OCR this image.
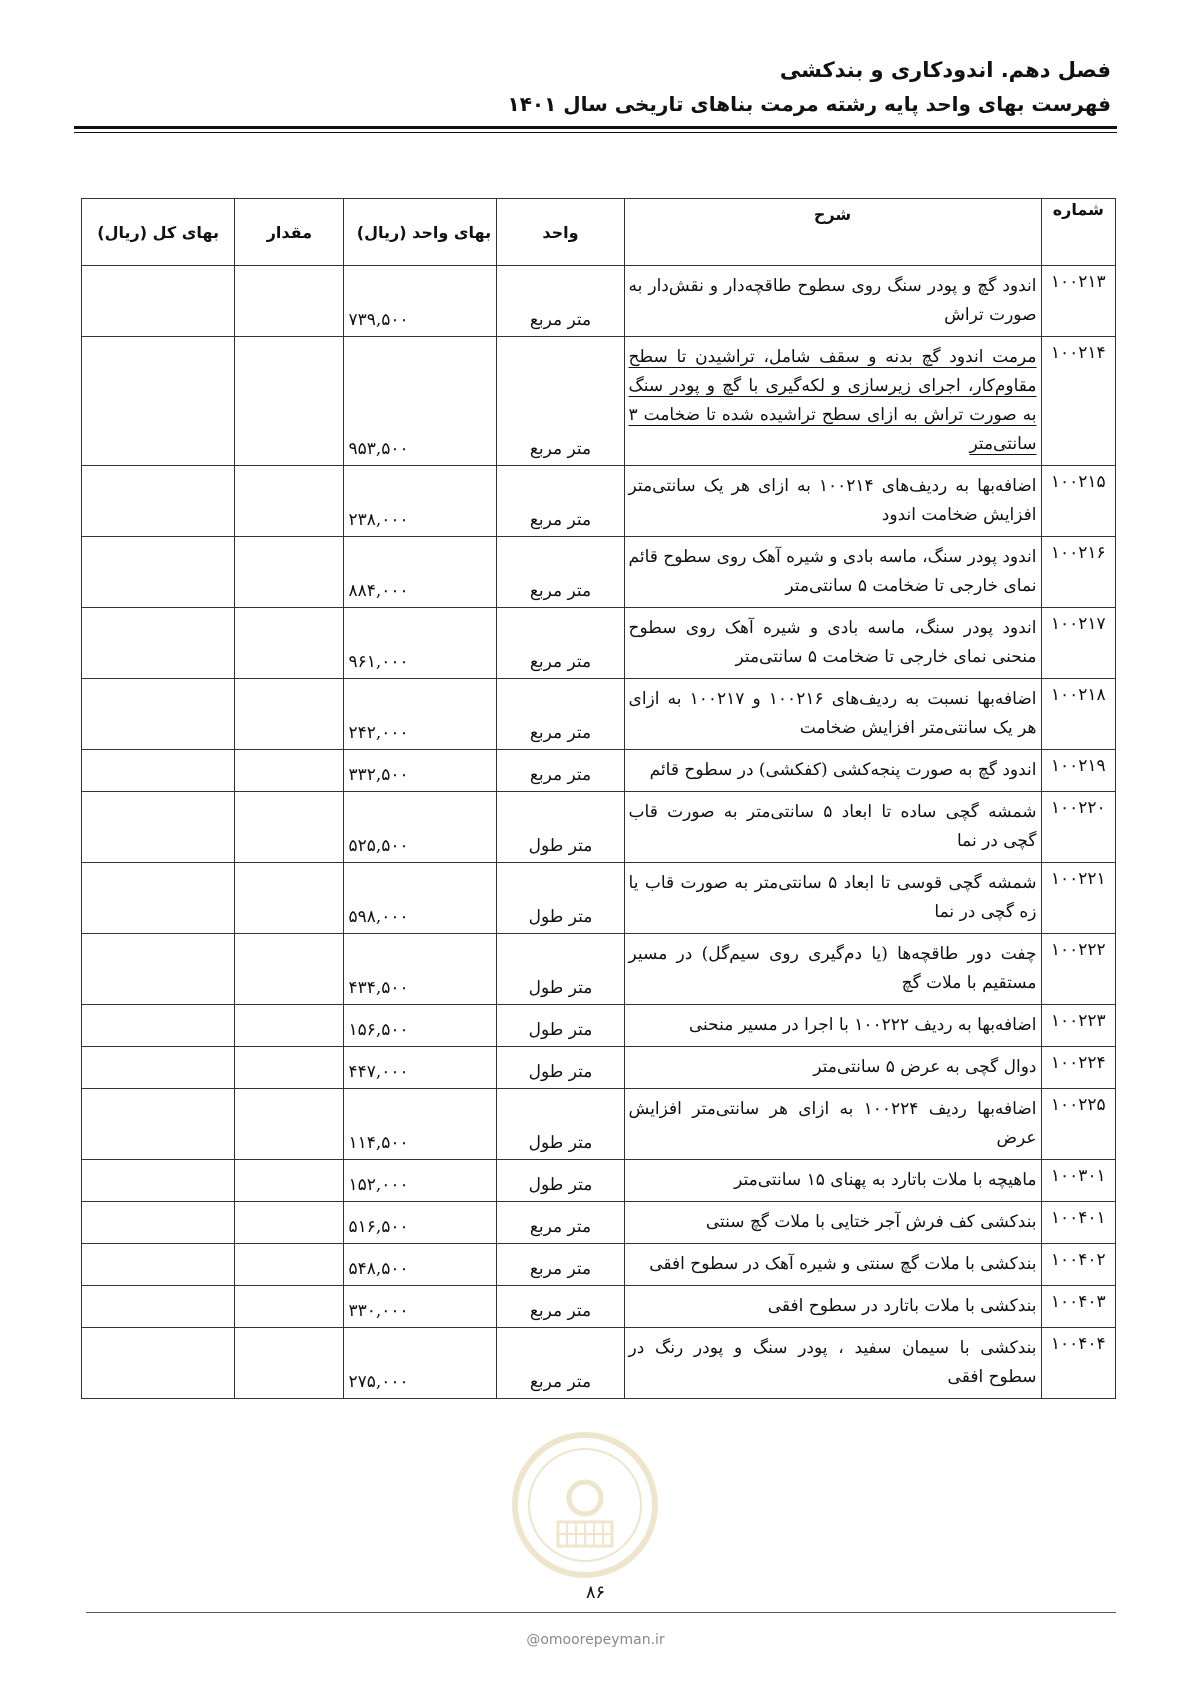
فصل دهم. اندودکاری و بندکشی
فهرست بهای واحد پایه رشته مرمت بناهای تاریخی سال ۱۴۰۱
شماره	شرح	واحد	بهای واحد (ریال)	مقدار	بهای کل (ریال)
۱۰۰۲۱۳	اندود گچ و پودر سنگ روی سطوح طاقچه‌دار و نقش‌دار به صورت تراش	متر مربع	۷۳۹,۵۰۰		
۱۰۰۲۱۴	مرمت اندود گچ بدنه و سقف شامل، تراشیدن تا سطح مقاوم‌کار، اجرای زیرسازی و لکه‌گیری با گچ و پودر سنگ به صورت تراش به ازای سطح تراشیده شده تا ضخامت ۳ سانتی‌متر	متر مربع	۹۵۳,۵۰۰		
۱۰۰۲۱۵	اضافه‌بها به ردیف‌های ۱۰۰۲۱۴ به ازای هر یک سانتی‌متر افزایش ضخامت اندود	متر مربع	۲۳۸,۰۰۰		
۱۰۰۲۱۶	اندود پودر سنگ، ماسه بادی و شیره آهک روی سطوح قائم نمای خارجی تا ضخامت ۵ سانتی‌متر	متر مربع	۸۸۴,۰۰۰		
۱۰۰۲۱۷	اندود پودر سنگ، ماسه بادی و شیره آهک روی سطوح منحنی نمای خارجی تا ضخامت ۵ سانتی‌متر	متر مربع	۹۶۱,۰۰۰		
۱۰۰۲۱۸	اضافه‌بها نسبت به ردیف‌های ۱۰۰۲۱۶ و ۱۰۰۲۱۷ به ازای هر یک سانتی‌متر افزایش ضخامت	متر مربع	۲۴۲,۰۰۰		
۱۰۰۲۱۹	اندود گچ به صورت پنجه‌کشی (کفکشی) در سطوح قائم	متر مربع	۳۳۲,۵۰۰		
۱۰۰۲۲۰	شمشه گچی ساده تا ابعاد ۵ سانتی‌متر به صورت قاب گچی در نما	متر طول	۵۲۵,۵۰۰		
۱۰۰۲۲۱	شمشه گچی قوسی تا ابعاد ۵ سانتی‌متر به صورت قاب یا زه گچی در نما	متر طول	۵۹۸,۰۰۰		
۱۰۰۲۲۲	چفت دور طاقچه‌ها (یا دم‌گیری روی سیم‌گل) در مسیر مستقیم با ملات گچ	متر طول	۴۳۴,۵۰۰		
۱۰۰۲۲۳	اضافه‌بها به ردیف ۱۰۰۲۲۲ با اجرا در مسیر منحنی	متر طول	۱۵۶,۵۰۰		
۱۰۰۲۲۴	دوال گچی به عرض ۵ سانتی‌متر	متر طول	۴۴۷,۰۰۰		
۱۰۰۲۲۵	اضافه‌بها ردیف ۱۰۰۲۲۴ به ازای هر سانتی‌متر افزایش عرض	متر طول	۱۱۴,۵۰۰		
۱۰۰۳۰۱	ماهیچه با ملات باتارد به پهنای ۱۵ سانتی‌متر	متر طول	۱۵۲,۰۰۰		
۱۰۰۴۰۱	بندکشی کف فرش آجر ختایی با ملات گچ سنتی	متر مربع	۵۱۶,۵۰۰		
۱۰۰۴۰۲	بندکشی با ملات گچ سنتی و شیره آهک در سطوح افقی	متر مربع	۵۴۸,۵۰۰		
۱۰۰۴۰۳	بندکشی با ملات باتارد در سطوح افقی	متر مربع	۳۳۰,۰۰۰		
۱۰۰۴۰۴	بندکشی با سیمان سفید ، پودر سنگ و پودر رنگ در سطوح افقی	متر مربع	۲۷۵,۰۰۰		
۸۶
@omoorepeyman.ir
